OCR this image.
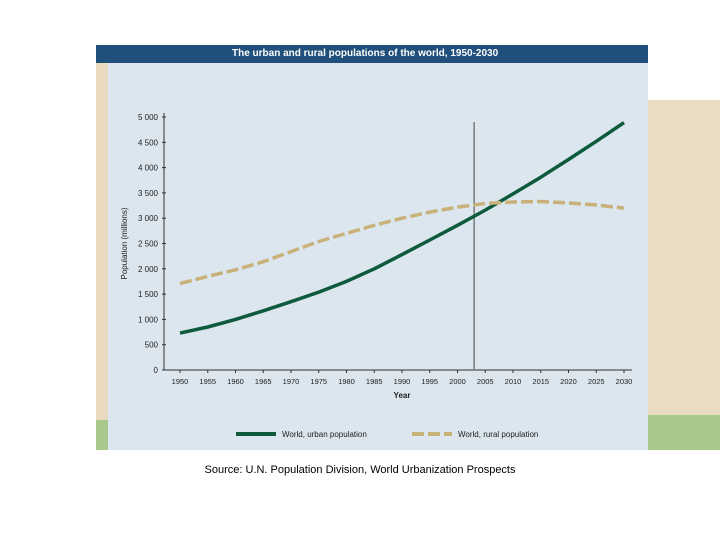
The urban and rural populations of the world, 1950-2030
0
500
1 000
1 500
2 000
2 500
3 000
3 500
4 000
4 500
5 000
1950 1955 1960 1965 1970 1975 1980 1985 1990 1995 2000 2005 2010 2015 2020 2025 2030
Year
Population (millions)
World, urban population	World, rural population
Source: U.N. Population Division, World Urbanization Prospects
